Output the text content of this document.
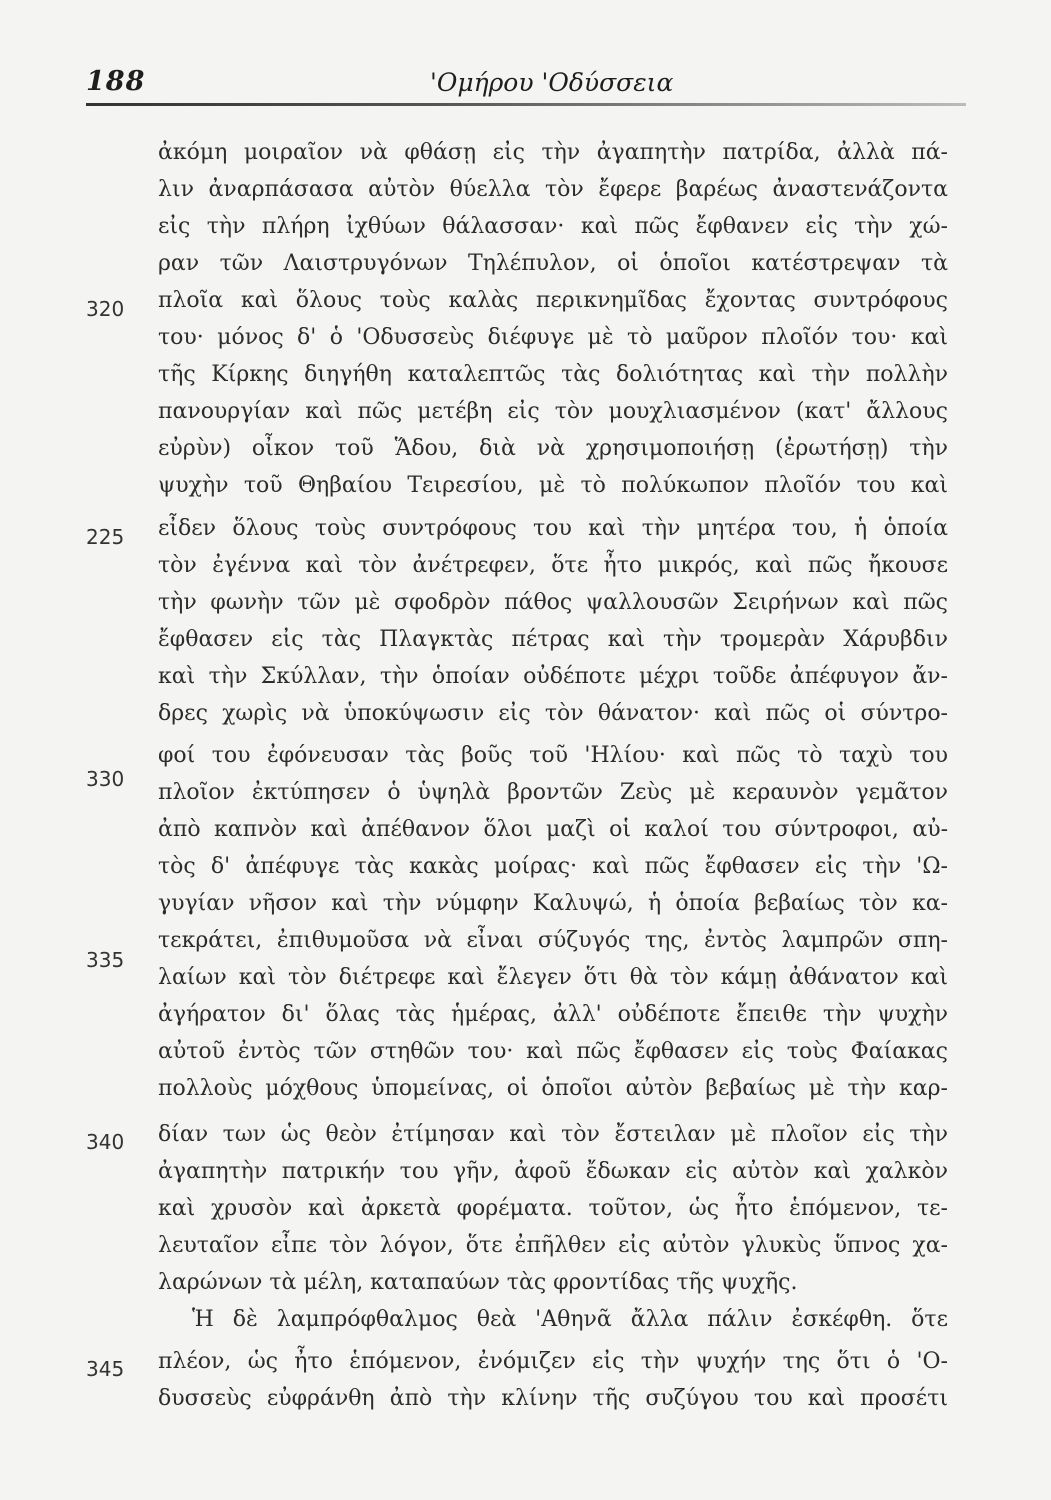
188	'Ομήρου 'Οδύσσεια
320
225
330
335
340
345
ἀκόμη μοιραῖον νὰ φθάσῃ εἰς τὴν ἀγαπητὴν πατρίδα, ἀλλὰ πά-
λιν ἀναρπάσασα αὐτὸν θύελλα τὸν ἔφερε βαρέως ἀναστενάζοντα
εἰς τὴν πλήρη ἰχθύων θάλασσαν· καὶ πῶς ἔφθανεν εἰς τὴν χώ-
ραν τῶν Λαιστρυγόνων Τηλέπυλον, οἱ ὁποῖοι κατέστρεψαν τὰ
πλοῖα καὶ ὅλους τοὺς καλὰς περικνημῖδας ἔχοντας συντρόφους
του· μόνος δ' ὁ 'Οδυσσεὺς διέφυγε μὲ τὸ μαῦρον πλοῖόν του· καὶ
τῆς Κίρκης διηγήθη καταλεπτῶς τὰς δολιότητας καὶ τὴν πολλὴν
πανουργίαν καὶ πῶς μετέβη εἰς τὸν μουχλιασμένον (κατ' ἄλλους
εὐρὺν) οἶκον τοῦ Ἅδου, διὰ νὰ χρησιμοποιήσῃ (ἐρωτήσῃ) τὴν
ψυχὴν τοῦ Θηβαίου Τειρεσίου, μὲ τὸ πολύκωπον πλοῖόν του καὶ
εἶδεν ὅλους τοὺς συντρόφους του καὶ τὴν μητέρα του, ἡ ὁποία
τὸν ἐγέννα καὶ τὸν ἀνέτρεφεν, ὅτε ἦτο μικρός, καὶ πῶς ἤκουσε
τὴν φωνὴν τῶν μὲ σφοδρὸν πάθος ψαλλουσῶν Σειρήνων καὶ πῶς
ἔφθασεν εἰς τὰς Πλαγκτὰς πέτρας καὶ τὴν τρομερὰν Χάρυβδιν
καὶ τὴν Σκύλλαν, τὴν ὁποίαν οὐδέποτε μέχρι τοῦδε ἀπέφυγον ἄν-
δρες χωρὶς νὰ ὑποκύψωσιν εἰς τὸν θάνατον· καὶ πῶς οἱ σύντρο-
φοί του ἐφόνευσαν τὰς βοῦς τοῦ 'Ηλίου· καὶ πῶς τὸ ταχὺ του
πλοῖον ἐκτύπησεν ὁ ὑψηλὰ βροντῶν Ζεὺς μὲ κεραυνὸν γεμᾶτον
ἀπὸ καπνὸν καὶ ἀπέθανον ὅλοι μαζὶ οἱ καλοί του σύντροφοι, αὐ-
τὸς δ' ἀπέφυγε τὰς κακὰς μοίρας· καὶ πῶς ἔφθασεν εἰς τὴν 'Ω-
γυγίαν νῆσον καὶ τὴν νύμφην Καλυψώ, ἡ ὁποία βεβαίως τὸν κα-
τεκράτει, ἐπιθυμοῦσα νὰ εἶναι σύζυγός της, ἐντὸς λαμπρῶν σπη-
λαίων καὶ τὸν διέτρεφε καὶ ἔλεγεν ὅτι θὰ τὸν κάμῃ ἀθάνατον καὶ
ἀγήρατον δι' ὅλας τὰς ἡμέρας, ἀλλ' οὐδέποτε ἔπειθε τὴν ψυχὴν
αὐτοῦ ἐντὸς τῶν στηθῶν του· καὶ πῶς ἔφθασεν εἰς τοὺς Φαίακας
πολλοὺς μόχθους ὑπομείνας, οἱ ὁποῖοι αὐτὸν βεβαίως μὲ τὴν καρ-
δίαν των ὡς θεὸν ἐτίμησαν καὶ τὸν ἔστειλαν μὲ πλοῖον εἰς τὴν
ἀγαπητὴν πατρικήν του γῆν, ἀφοῦ ἔδωκαν εἰς αὐτὸν καὶ χαλκὸν
καὶ χρυσὸν καὶ ἀρκετὰ φορέματα. τοῦτον, ὡς ἦτο ἑπόμενον, τε-
λευταῖον εἶπε τὸν λόγον, ὅτε ἐπῆλθεν εἰς αὐτὸν γλυκὺς ὕπνος χα-
λαρώνων τὰ μέλη, καταπαύων τὰς φροντίδας τῆς ψυχῆς.
Ἡ δὲ λαμπρόφθαλμος θεὰ 'Αθηνᾶ ἄλλα πάλιν ἐσκέφθη. ὅτε
πλέον, ὡς ἦτο ἑπόμενον, ἐνόμιζεν εἰς τὴν ψυχήν της ὅτι ὁ 'Ο-
δυσσεὺς εὐφράνθη ἀπὸ τὴν κλίνην τῆς συζύγου του καὶ προσέτι
